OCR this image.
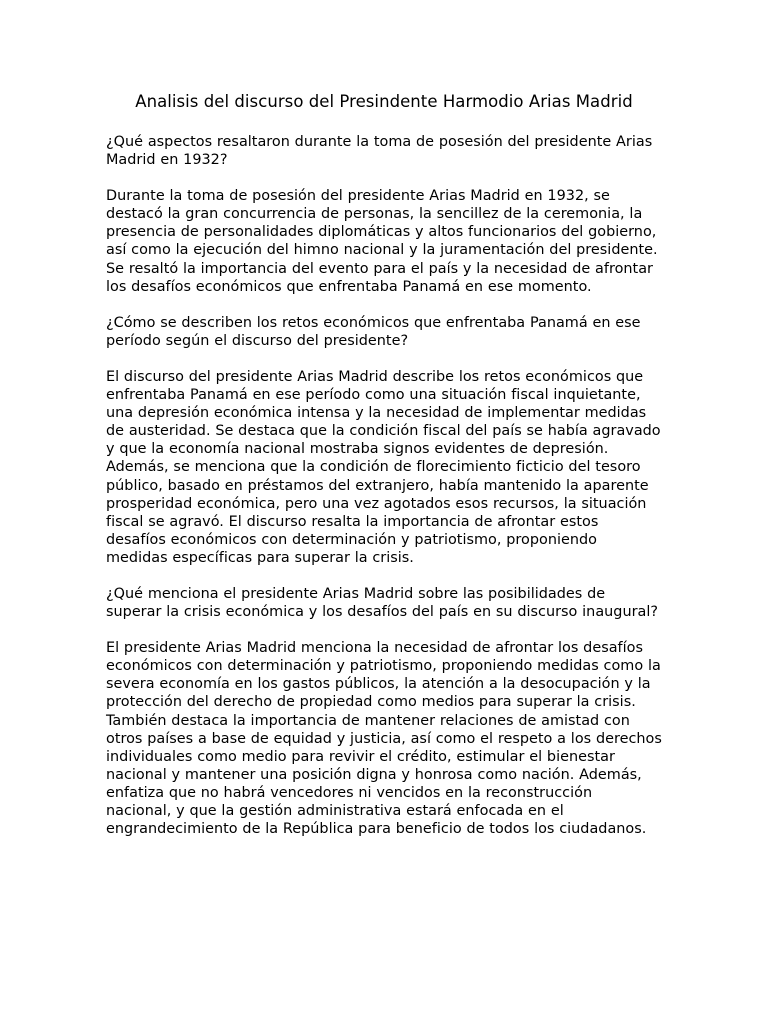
Analisis del discurso del Presindente Harmodio Arias Madrid

¿Qué aspectos resaltaron durante la toma de posesión del presidente Arias Madrid en 1932?

Durante la toma de posesión del presidente Arias Madrid en 1932, se destacó la gran concurrencia de personas, la sencillez de la ceremonia, la presencia de personalidades diplomáticas y altos funcionarios del gobierno, así como la ejecución del himno nacional y la juramentación del presidente. Se resaltó la importancia del evento para el país y la necesidad de afrontar los desafíos económicos que enfrentaba Panamá en ese momento.

¿Cómo se describen los retos económicos que enfrentaba Panamá en ese período según el discurso del presidente?

El discurso del presidente Arias Madrid describe los retos económicos que enfrentaba Panamá en ese período como una situación fiscal inquietante, una depresión económica intensa y la necesidad de implementar medidas de austeridad. Se destaca que la condición fiscal del país se había agravado y que la economía nacional mostraba signos evidentes de depresión. Además, se menciona que la condición de florecimiento ficticio del tesoro público, basado en préstamos del extranjero, había mantenido la aparente prosperidad económica, pero una vez agotados esos recursos, la situación fiscal se agravó. El discurso resalta la importancia de afrontar estos desafíos económicos con determinación y patriotismo, proponiendo medidas específicas para superar la crisis.

¿Qué menciona el presidente Arias Madrid sobre las posibilidades de superar la crisis económica y los desafíos del país en su discurso inaugural?

El presidente Arias Madrid menciona la necesidad de afrontar los desafíos económicos con determinación y patriotismo, proponiendo medidas como la severa economía en los gastos públicos, la atención a la desocupación y la protección del derecho de propiedad como medios para superar la crisis. También destaca la importancia de mantener relaciones de amistad con otros países a base de equidad y justicia, así como el respeto a los derechos individuales como medio para revivir el crédito, estimular el bienestar nacional y mantener una posición digna y honrosa como nación. Además, enfatiza que no habrá vencedores ni vencidos en la reconstrucción nacional, y que la gestión administrativa estará enfocada en el engrandecimiento de la República para beneficio de todos los ciudadanos.
